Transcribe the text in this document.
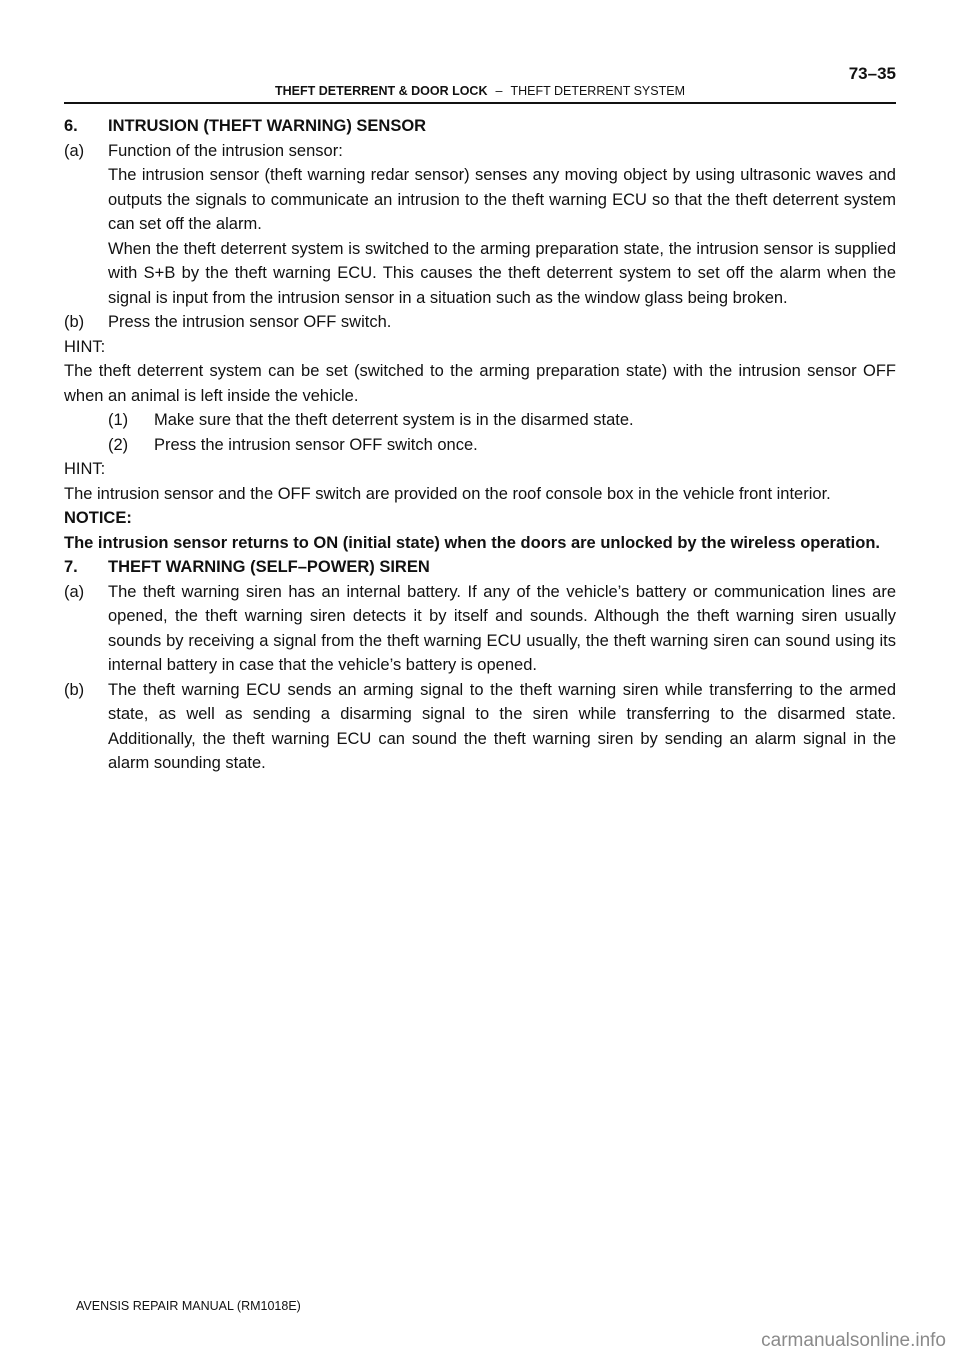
73–35
THEFT DETERRENT & DOOR LOCK – THEFT DETERRENT SYSTEM
6.	INTRUSION (THEFT WARNING) SENSOR
(a)	Function of the intrusion sensor:
The intrusion sensor (theft warning redar sensor) senses any moving object by using ultrasonic waves and outputs the signals to communicate an intrusion to the theft warning ECU so that the theft deterrent system can set off the alarm.
When the theft deterrent system is switched to the arming preparation state, the intrusion sensor is supplied with S+B by the theft warning ECU. This causes the theft deterrent system to set off the alarm when the signal is input from the intrusion sensor in a situation such as the window glass being broken.
(b)	Press the intrusion sensor OFF switch.
HINT:
The theft deterrent system can be set (switched to the arming preparation state) with the intrusion sensor OFF when an animal is left inside the vehicle.
(1)	Make sure that the theft deterrent system is in the disarmed state.
(2)	Press the intrusion sensor OFF switch once.
HINT:
The intrusion sensor and the OFF switch are provided on the roof console box in the vehicle front interior.
NOTICE:
The intrusion sensor returns to ON (initial state) when the doors are unlocked by the wireless operation.
7.	THEFT WARNING (SELF–POWER) SIREN
(a)	The theft warning siren has an internal battery. If any of the vehicle’s battery or communication lines are opened, the theft warning siren detects it by itself and sounds. Although the theft warning siren usually sounds by receiving a signal from the theft warning ECU usually, the theft warning siren can sound using its internal battery in case that the vehicle’s battery is opened.
(b)	The theft warning ECU sends an arming signal to the theft warning siren while transferring to the armed state, as well as sending a disarming signal to the siren while transferring to the disarmed state. Additionally, the theft warning ECU can sound the theft warning siren by sending an alarm signal in the alarm sounding state.
AVENSIS REPAIR MANUAL (RM1018E)
carmanualsonline.info
